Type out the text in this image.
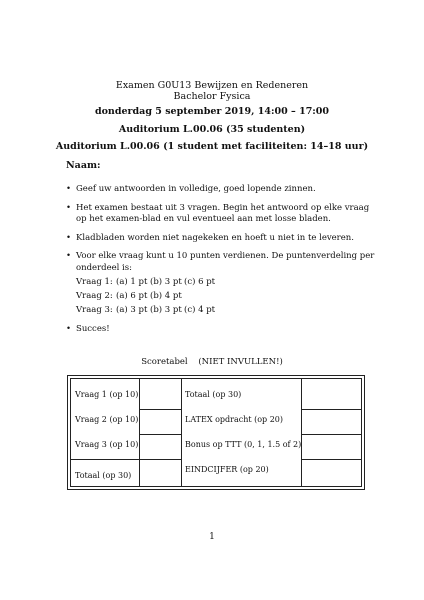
Examen G0U13 Bewijzen en Redeneren
Bachelor Fysica
donderdag 5 september 2019, 14:00 – 17:00
Auditorium L.00.06 (35 studenten)
Auditorium L.00.06 (1 student met faciliteiten: 14–18 uur)
Naam:
• Geef uw antwoorden in volledige, goed lopende zinnen.
• Het examen bestaat uit 3 vragen. Begin het antwoord op elke vraag op het examen-blad en vul eventueel aan met losse bladen.
• Kladbladen worden niet nagekeken en hoeft u niet in te leveren.
• Voor elke vraag kunt u 10 punten verdienen. De puntenverdeling per onderdeel is:
Vraag 1: (a) 1 pt (b) 3 pt (c) 6 pt
Vraag 2: (a) 6 pt (b) 4 pt
Vraag 3: (a) 3 pt (b) 3 pt (c) 4 pt
• Succes!
Scoretabel (NIET INVULLEN!)
Vraag 1 (op 10)
Vraag 2 (op 10)
Vraag 3 (op 10)
Totaal (op 30)
Totaal (op 30)
LATEX opdracht (op 20)
Bonus op TTT (0, 1, 1.5 of 2)
EINDCIJFER (op 20)
1
